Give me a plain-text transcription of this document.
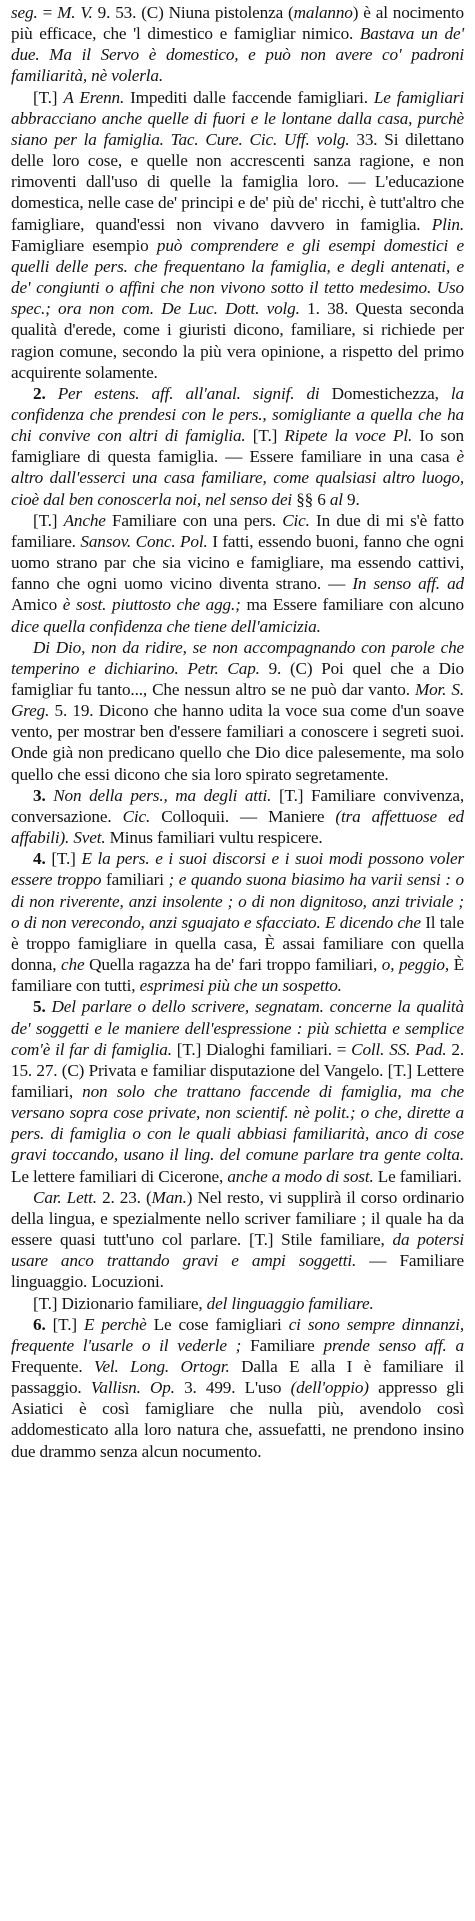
seg. = M. V. 9. 53. (C) Niuna pistolenza (malanno) è al nocimento più efficace, che 'l dimestico e famigliar nimico. Bastava un de' due. Ma il Servo è domestico, e può non avere co' padroni familiarità, nè volerla.

[T.] A Erenn. Impediti dalle faccende famigliari. Le famigliari abbracciano anche quelle di fuori e le lontane dalla casa, purchè siano per la famiglia. Tac. Cure. Cic. Uff. volg. 33. Si dilettano delle loro cose, e quelle non accrescenti sanza ragione, e non rimoventi dall'uso di quelle la famiglia loro. — L'educazione domestica, nelle case de' principi e de' più de' ricchi, è tutt'altro che famigliare, quand'essi non vivano davvero in famiglia. Plin. Famigliare esempio può comprendere e gli esempi domestici e quelli delle pers. che frequentano la famiglia, e degli antenati, e de' congiunti o affini che non vivono sotto il tetto medesimo. Uso spec.; ora non com. De Luc. Dott. volg. 1. 38. Questa seconda qualità d'erede, come i giuristi dicono, familiare, si richiede per ragion comune, secondo la più vera opinione, a rispetto del primo acquirente solamente.

2. Per estens. aff. all'anal. signif. di Domestichezza, la confidenza che prendesi con le pers., somigliante a quella che ha chi convive con altri di famiglia. [T.] Ripete la voce Pl. Io son famigliare di questa famiglia. — Essere familiare in una casa è altro dall'esserci una casa familiare, come qualsiasi altro luogo, cioè dal ben conoscerla noi, nel senso dei §§ 6 al 9.

[T.] Anche Familiare con una pers. Cic. In due di mi s'è fatto familiare. Sansov. Conc. Pol. I fatti, essendo buoni, fanno che ogni uomo strano par che sia vicino e famigliare, ma essendo cattivi, fanno che ogni uomo vicino diventa strano. — In senso aff. ad Amico è sost. piuttosto che agg.; ma Essere familiare con alcuno dice quella confidenza che tiene dell'amicizia.

Di Dio, non da ridire, se non accompagnando con parole che temperino e dichiarino. Petr. Cap. 9. (C) Poi quel che a Dio famigliar fu tanto..., Che nessun altro se ne può dar vanto. Mor. S. Greg. 5. 19. Dicono che hanno udita la voce sua come d'un soave vento, per mostrar ben d'essere familiari a conoscere i segreti suoi. Onde già non predicano quello che Dio dice palesemente, ma solo quello che essi dicono che sia loro spirato segretamente.

3. Non della pers., ma degli atti. [T.] Familiare convivenza, conversazione. Cic. Colloquii. — Maniere (tra affettuose ed affabili). Svet. Minus familiari vultu respicere.

4. [T.] E la pers. e i suoi discorsi e i suoi modi possono voler essere troppo familiari ; e quando suona biasimo ha varii sensi : o di non riverente, anzi insolente ; o di non dignitoso, anzi triviale ; o di non verecondo, anzi sguajato e sfacciato. E dicendo che Il tale è troppo famigliare in quella casa, È assai familiare con quella donna, che Quella ragazza ha de' fari troppo familiari, o, peggio, È familiare con tutti, esprimesi più che un sospetto.

5. Del parlare o dello scrivere, segnatam. concerne la qualità de' soggetti e le maniere dell'espressione : più schietta e semplice com'è il far di famiglia. [T.] Dialoghi familiari. = Coll. SS. Pad. 2. 15. 27. (C) Privata e familiar disputazione del Vangelo. [T.] Lettere familiari, non solo che trattano faccende di famiglia, ma che versano sopra cose private, non scientif. nè polit.; o che, dirette a pers. di famiglia o con le quali abbiasi familiarità, anco di cose gravi toccando, usano il ling. del comune parlare tra gente colta. Le lettere familiari di Cicerone, anche a modo di sost. Le familiari.

Car. Lett. 2. 23. (Man.) Nel resto, vi supplirà il corso ordinario della lingua, e spezialmente nello scriver familiare ; il quale ha da essere quasi tutt'uno col parlare. [T.] Stile familiare, da potersi usare anco trattando gravi e ampi soggetti. — Familiare linguaggio. Locuzioni.

[T.] Dizionario familiare, del linguaggio familiare.

6. [T.] E perchè Le cose famigliari ci sono sempre dinnanzi, frequente l'usarle o il vederle ; Familiare prende senso aff. a Frequente. Vel. Long. Ortogr. Dalla E alla I è familiare il passaggio. Vallisn. Op. 3. 499. L'uso (dell'oppio) appresso gli Asiatici è così famigliare che nulla più, avendolo così addomesticato alla loro natura che, assuefatti, ne prendono insino due drammo senza alcun nocumento.
